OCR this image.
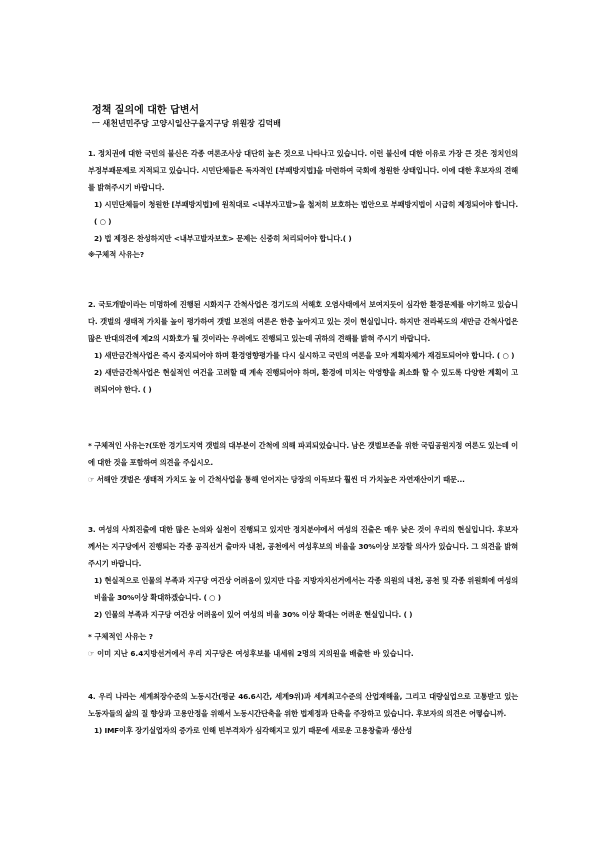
정책 질의에 대한 답변서
ㅡ 새천년민주당 고양시일산구을지구당 위원장 김덕배

1. 정치권에 대한 국민의 불신은 각종 여론조사상 대단히 높은 것으로 나타나고 있습니다. 이런 불신에 대한 이유로 가장 큰 것은 정치인의 부정부패문제로 지적되고 있습니다. 시민단체들은 독자적인 [부패방지법]을 마련하여 국회에 청원한 상태입니다. 이에 대한 후보자의 견해를 밝혀주시기 바랍니다.

1) 시민단체들이 청원한 [부패방지법]에 원칙대로 <내부자고발>을 철저히 보호하는 법안으로 부패방지법이 시급히 제정되어야 합니다.( ○ )

2) 법 제정은 찬성하지만 <내부고발자보호> 문제는 신중히 처리되어야 합니다.( )

※구체적 사유는?

2. 국토개발이라는 미명하에 진행된 시화지구 간척사업은 경기도의 서해호 오염사태에서 보여지듯이 심각한 환경문제를 야기하고 있습니다. 갯벌의 생태적 가치를 높이 평가하여 갯벌 보전의 여론은 한층 높아지고 있는 것이 현실입니다. 하지만 전라북도의 새만금 간척사업은 많은 반대의견에 제2의 시화호가 될 것이라는 우려에도 진행되고 있는데 귀하의 견해를 밝혀 주시기 바랍니다.

1) 새만금간척사업은 즉시 중지되어야 하며 환경영향평가를 다시 실시하고 국민의 여론을 모아 계획자체가 재검토되어야 합니다. ( ○ )

2) 새만금간척사업은 현실적인 여건을 고려할 때 계속 진행되어야 하며, 환경에 미치는 악영향을 최소화 할 수 있도록 다양한 계획이 고려되어야 한다. ( )

* 구체적인 사유는?(또한 경기도지역 갯벌의 대부분이 간척에 의해 파괴되었습니다. 남은 갯벌보존을 위한 국립공원지정 여론도 있는데 이에 대한 것을 포함하여 의견을 주십시오.

☞ 서해안 갯벌은 생태적 가치도 높 이 간척사업을 통해 얻어지는 당장의 이득보다 훨씬 더 가치높은 자연재산이기 때문...

3. 여성의 사회진출에 대한 많은 논의와 실천이 진행되고 있지만 정치분야에서 여성의 진출은 매우 낮은 것이 우리의 현실입니다. 후보자께서는 지구당에서 진행되는 각종 공직선거 출마자 내천, 공천에서 여성후보의 비율을 30%이상 보장할 의사가 있습니다. 그 의견을 밝혀 주시기 바랍니다.

1) 현실적으로 인물의 부족과 지구당 여건상 어려움이 있지만 다음 지방자치선거에서는 각종 의원의 내천, 공천 및 각종 위원회에 여성의 비율을 30%이상 확대하겠습니다. ( ○ )

2) 인물의 부족과 지구당 여건상 어려움이 있어 여성의 비율 30% 이상 확대는 어려운 현실입니다. ( )

* 구체적인 사유는 ?
☞ 이미 지난 6.4지방선거에서 우리 지구당은 여성후보를 내세워 2명의 지의원을 배출한 바 있습니다.

4. 우리 나라는 세계최장수준의 노동시간(평균 46.6시간, 세계9위)과 세계최고수준의 산업재해율, 그리고 대량실업으로 고통받고 있는 노동자들의 삶의 질 향상과 고용안정을 위해서 노동시간단축을 위한 법제정과 단축을 주장하고 있습니다. 후보자의 의견은 어떻습니까.

1) IMF이후 장기실업자의 증가로 인해 빈부격차가 심각해지고 있기 때문에 새로운 고용창출과 생산성
